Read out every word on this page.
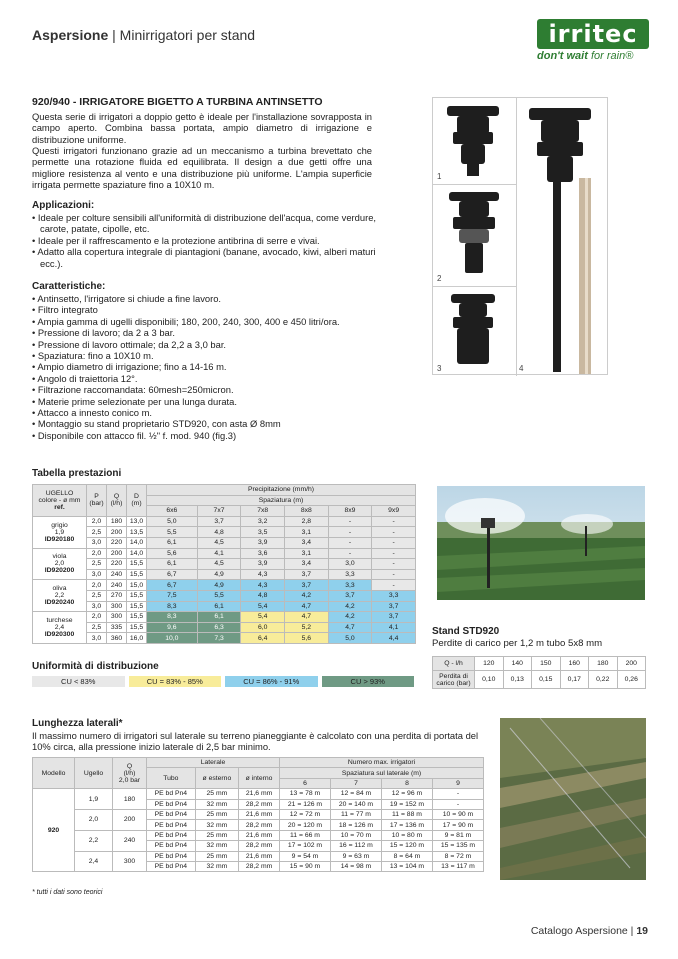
Aspersione | Minirrigatori per stand	irritec
don't wait for rain®
920/940 - IRRIGATORE BIGETTO A TURBINA ANTINSETTO

Questa serie di irrigatori a doppio getto è ideale per l'installazione sovrapposta in campo aperto. Combina bassa portata, ampio diametro di irrigazione e distribuzione uniforme.

Questi irrigatori funzionano grazie ad un meccanismo a turbina brevettato che permette una rotazione fluida ed equilibrata. Il design a due getti offre una migliore resistenza al vento e una distribuzione più uniforme. L'ampia superficie irrigata permette spaziature fino a 10X10 m.

Applicazioni:
• Ideale per colture sensibili all'uniformità di distribuzione dell'acqua, come verdure, carote, patate, cipolle, etc.
• Ideale per il raffrescamento e la protezione antibrina di serre e vivai.
• Adatto alla copertura integrale di piantagioni (banane, avocado, kiwi, alberi maturi ecc.).
Caratteristiche:
• Antinsetto, l'irrigatore si chiude a fine lavoro.
• Filtro integrato
• Ampia gamma di ugelli disponibili; 180, 200, 240, 300, 400 e 450 litri/ora.
• Pressione di lavoro; da 2 a 3 bar.
• Pressione di lavoro ottimale; da 2,2 a 3,0 bar.
• Spaziatura: fino a 10X10 m.
• Ampio diametro di irrigazione; fino a 14-16 m.
• Angolo di traiettoria 12°.
• Filtrazione raccomandata: 60mesh=250micron.
• Materie prime selezionate per una lunga durata.
• Attacco a innesto conico m.
• Montaggio su stand proprietario STD920, con asta Ø 8mm
• Disponibile con attacco fil. ½" f. mod. 940 (fig.3)
1
2
3	4
Tabella prestazioni
UGELLO
colore - ø mm
ref.	P
(bar)	Q
(l/h)	D
(m)	Precipitazione (mm/h)					
				Spaziatura (m)					
				6x6	7x7	7x8	8x8	8x9	9x9
grigio
1,9
ID920180	2,0	180	13,0	5,0	3,7	3,2	2,8	-	-
	2,5	200	13,5	5,5	4,8	3,5	3,1	-	-
	3,0	220	14,0	6,1	4,5	3,9	3,4	-	-
viola
2,0
ID920200	2,0	200	14,0	5,6	4,1	3,6	3,1	-	-
	2,5	220	15,5	6,1	4,5	3,9	3,4	3,0	-
	3,0	240	15,5	6,7	4,9	4,3	3,7	3,3	-
oliva
2,2
ID920240	2,0	240	15,0	6,7	4,9	4,3	3,7	3,3	-
	2,5	270	15,5	7,5	5,5	4,8	4,2	3,7	3,3
	3,0	300	15,5	8,3	6,1	5,4	4,7	4,2	3,7
turchese
2,4
ID920300	2,0	300	15,5	8,3	6,1	5,4	4,7	4,2	3,7
	2,5	335	15,5	9,6	6,3	6,0	5,2	4,7	4,1
	3,0	360	16,0	10,0	7,3	6,4	5,6	5,0	4,4
Uniformità di distribuzione
CU < 83%	CU = 83% - 85%	CU = 86% - 91%	CU > 93%
Stand STD920
Perdite di carico per 1,2 m tubo 5x8 mm
Q - l/h	120	140	150	160	180	200
Perdita di carico (bar)	0,10	0,13	0,15	0,17	0,22	0,26
Lunghezza laterali*

Il massimo numero di irrigatori sul laterale su terreno pianeggiante è calcolato con una perdita di portata del 10% circa, alla pressione inizio laterale di 2,5 bar minimo.

Modello	Ugello	Q
(l/h)
2,0 bar	Laterale			Numero max. irrigatori			
			Tubo	ø esterno	ø interno	Spaziatura sul laterale (m)			
						6	7	8	9
920	1,9	180	PE bd Pn4	25 mm	21,6 mm	13 = 78 m	12 = 84 m	12 = 96 m	-
			PE bd Pn4	32 mm	28,2 mm	21 = 126 m	20 = 140 m	19 = 152 m	-
	2,0	200	PE bd Pn4	25 mm	21,6 mm	12 = 72 m	11 = 77 m	11 = 88 m	10 = 90 m
			PE bd Pn4	32 mm	28,2 mm	20 = 120 m	18 = 126 m	17 = 136 m	17 = 90 m
	2,2	240	PE bd Pn4	25 mm	21,6 mm	11 = 66 m	10 = 70 m	10 = 80 m	9 = 81 m
			PE bd Pn4	32 mm	28,2 mm	17 = 102 m	16 = 112 m	15 = 120 m	15 = 135 m
	2,4	300	PE bd Pn4	25 mm	21,6 mm	9 = 54 m	9 = 63 m	8 = 64 m	8 = 72 m
			PE bd Pn4	32 mm	28,2 mm	15 = 90 m	14 = 98 m	13 = 104 m	13 = 117 m
* tutti i dati sono teorici
Catalogo Aspersione | 19
